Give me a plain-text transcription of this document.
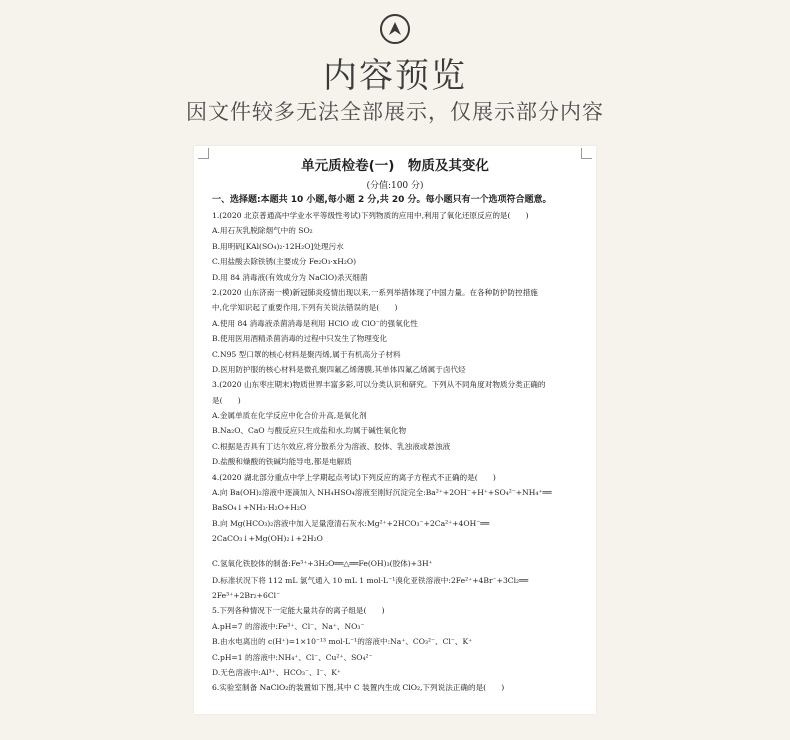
内容预览
因文件较多无法全部展示，仅展示部分内容
单元质检卷(一)　物质及其变化
(分值:100 分)
一、选择题:本题共 10 小题,每小题 2 分,共 20 分。每小题只有一个选项符合题意。
1.(2020 北京普通高中学业水平等级性考试)下列物质的应用中,利用了氧化还原反应的是(　　)
A.用石灰乳脱除烟气中的 SO₂
B.用明矾[KAl(SO₄)₂·12H₂O]处理污水
C.用盐酸去除铁锈(主要成分 Fe₂O₃·xH₂O)
D.用 84 消毒液(有效成分为 NaClO)杀灭细菌
2.(2020 山东济南一模)新冠肺炎疫情出现以来,一系列举措体现了中国力量。在各种防护防控措施
中,化学知识起了重要作用,下列有关说法错误的是(　　)
A.使用 84 消毒液杀菌消毒是利用 HClO 或 ClO⁻的强氧化性
B.使用医用酒精杀菌消毒的过程中只发生了物理变化
C.N95 型口罩的核心材料是聚丙烯,属于有机高分子材料
D.医用防护服的核心材料是微孔聚四氟乙烯薄膜,其单体四氟乙烯属于卤代烃
3.(2020 山东枣庄期末)物质世界丰富多彩,可以分类认识和研究。下列从不同角度对物质分类正确的
是(　　)
A.金属单质在化学反应中化合价升高,是氧化剂
B.Na₂O、CaO 与酸反应只生成盐和水,均属于碱性氧化物
C.根据是否具有丁达尔效应,将分散系分为溶液、胶体、乳浊液或悬浊液
D.盐酸和燥酸的铁碱均能导电,都是电解质
4.(2020 湖北部分重点中学上学期起点考试)下列反应的离子方程式不正确的是(　　)
A.向 Ba(OH)₂溶液中逐滴加入 NH₄HSO₄溶液至刚好沉淀完全:Ba²⁺+2OH⁻+H⁺+SO₄²⁻+NH₄⁺══
BaSO₄↓+NH₃·H₂O+H₂O
B.向 Mg(HCO₃)₂溶液中加入足量澄清石灰水:Mg²⁺+2HCO₃⁻+2Ca²⁺+4OH⁻══
2CaCO₃↓+Mg(OH)₂↓+2H₂O
C.氢氧化铁胶体的制备:Fe³⁺+3H₂O══△══Fe(OH)₃(胶体)+3H⁺
D.标准状况下将 112 mL 氯气通入 10 mL 1 mol·L⁻¹溴化亚铁溶液中:2Fe²⁺+4Br⁻+3Cl₂══
2Fe³⁺+2Br₂+6Cl⁻
5.下列各种情况下一定能大量共存的离子组是(　　)
A.pH=7 的溶液中:Fe³⁺、Cl⁻、Na⁺、NO₃⁻
B.由水电离出的 c(H⁺)=1×10⁻¹³ mol·L⁻¹的溶液中:Na⁺、CO₃²⁻、Cl⁻、K⁺
C.pH=1 的溶液中:NH₄⁺、Cl⁻、Cu²⁺、SO₄²⁻
D.无色溶液中:Al³⁺、HCO₃⁻、I⁻、K⁺
6.实验室制备 NaClO₂的装置如下图,其中 C 装置内生成 ClO₂,下列说法正确的是(　　)
